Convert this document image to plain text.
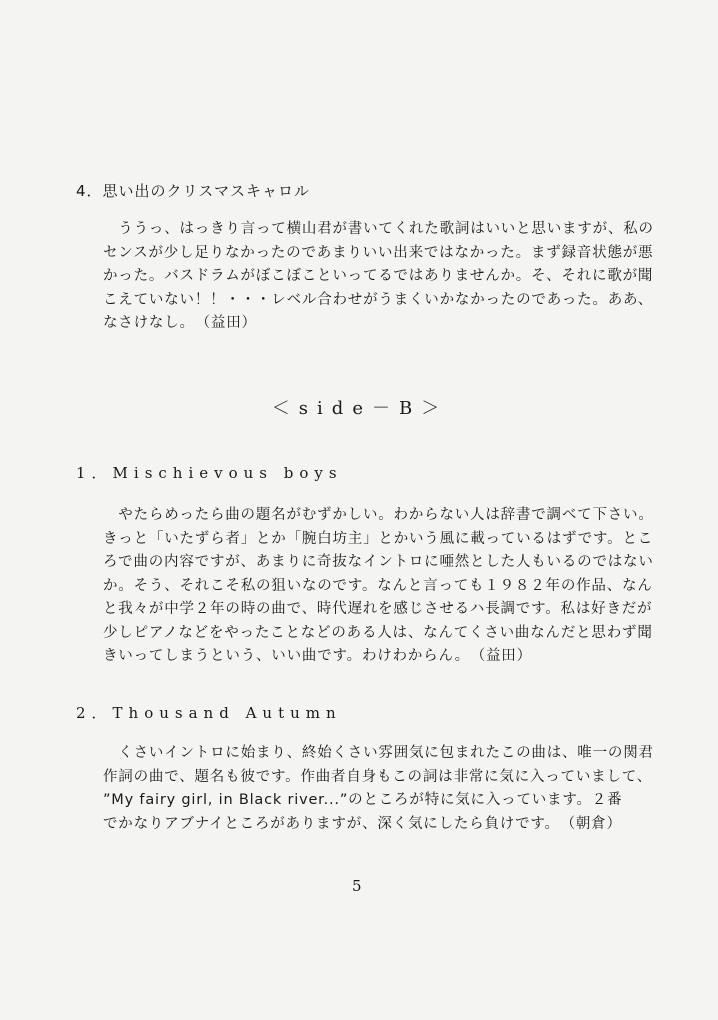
4．思い出のクリスマスキャロル
　ううっ、はっきり言って横山君が書いてくれた歌詞はいいと思いますが、私の
センスが少し足りなかったのであまりいい出来ではなかった。まず録音状態が悪
かった。バスドラムがぼこぼこといってるではありませんか。そ、それに歌が聞
こえていない！！・・・レベル合わせがうまくいかなかったのであった。ああ、
なさけなし。　（益田）
＜side－B＞
1．Mischievous boys
　やたらめったら曲の題名がむずかしい。わからない人は辞書で調べて下さい。
きっと「いたずら者」とか「腕白坊主」とかいう風に載っているはずです。とこ
ろで曲の内容ですが、あまりに奇抜なイントロに唖然とした人もいるのではない
か。そう、それこそ私の狙いなのです。なんと言っても１９８２年の作品、なん
と我々が中学２年の時の曲で、時代遅れを感じさせるハ長調です。私は好きだが
少しピアノなどをやったことなどのある人は、なんてくさい曲なんだと思わず聞
きいってしまうという、いい曲です。わけわからん。　（益田）
2．Thousand Autumn
　くさいイントロに始まり、終始くさい雰囲気に包まれたこの曲は、唯一の関君
作詞の曲で、題名も彼です。作曲者自身もこの詞は非常に気に入っていまして、
”My fairy girl, in Black river...”のところが特に気に入っています。２番
でかなりアブナイところがありますが、深く気にしたら負けです。　（朝倉）
5
